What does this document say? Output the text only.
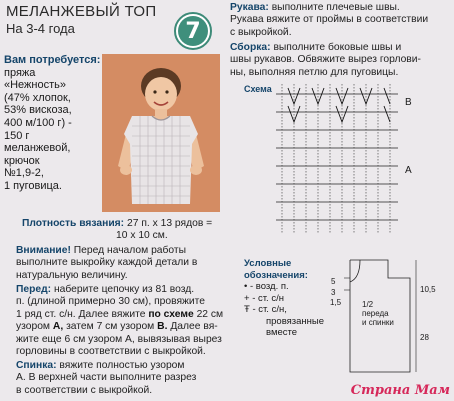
МЕЛАНЖЕВЫЙ ТОП
На 3-4 года	7
Вам потребуется:
пряжа
«Нежность»
(47% хлопок,
53% вискоза,
400 м/100 г) -
150 г
меланжевой,
крючок
№1,9-2,
1 пуговица.
Плотность вязания: 27 п. х 13 рядов =
10 х 10 см.
Внимание! Перед началом работы
выполните выкройку каждой детали в
натуральную величину.
Перед: наберите цепочку из 81 возд.
п. (длиной примерно 30 см), провяжите
1 ряд ст. с/н. Далее вяжите по схеме 22 см
узором А, затем 7 см узором В. Далее вя-
жите еще 6 см узором А, вывязывая вырез
горловины в соответствии с выкройкой.
Спинка: вяжите полностью узором
А. В верхней части выполните разрез
в соответствии с выкройкой.
Рукава: выполните плечевые швы.
Рукава вяжите от проймы в соответствии
с выкройкой.
Сборка: выполните боковые швы и
швы рукавов. Обвяжите вырез горлови-
ны, выполняя петлю для пуговицы.
Схема
B
A
Условные
обозначения:
• - возд. п.
+ - ст. с/н
Ŧ - ст. с/н,
провязанные
вместе
5
3
1,5
10,5
28
1/2
переда
и спинки
Страна Мам
